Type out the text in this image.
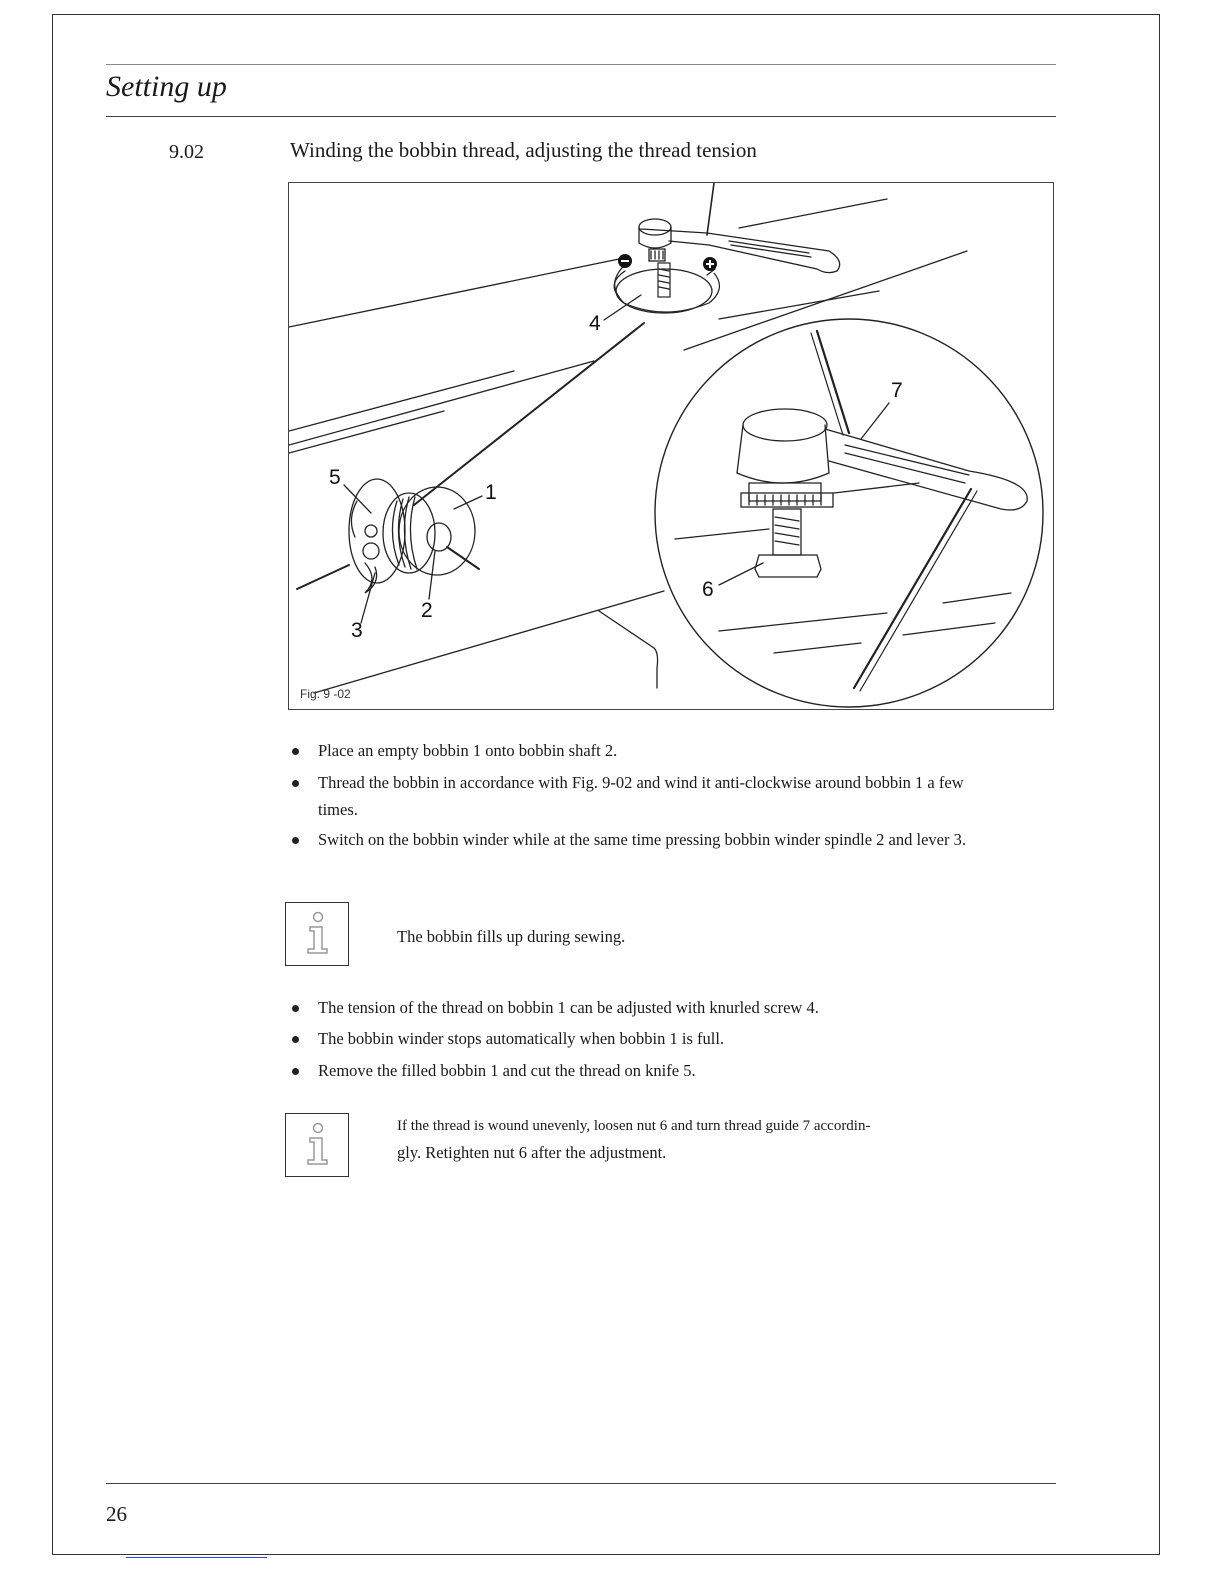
Setting up
9.02	Winding the bobbin thread, adjusting the thread tension
1
2
3
4
5
6
7
Fig. 9 -02
Place an empty bobbin 1 onto bobbin shaft 2.
Thread the bobbin in accordance with Fig. 9-02 and wind it anti-clockwise around bobbin 1 a few times.
Switch on the bobbin winder while at the same time pressing bobbin winder spindle 2 and lever 3.
The bobbin fills up during sewing.
The tension of the thread on bobbin 1 can be adjusted with knurled screw 4.
The bobbin winder stops automatically when bobbin 1 is full.
Remove the filled bobbin 1 and cut the thread on knife 5.
If the thread is wound unevenly, loosen nut 6 and turn thread guide 7 accordin-
gly. Retighten nut 6 after the adjustment.
26
